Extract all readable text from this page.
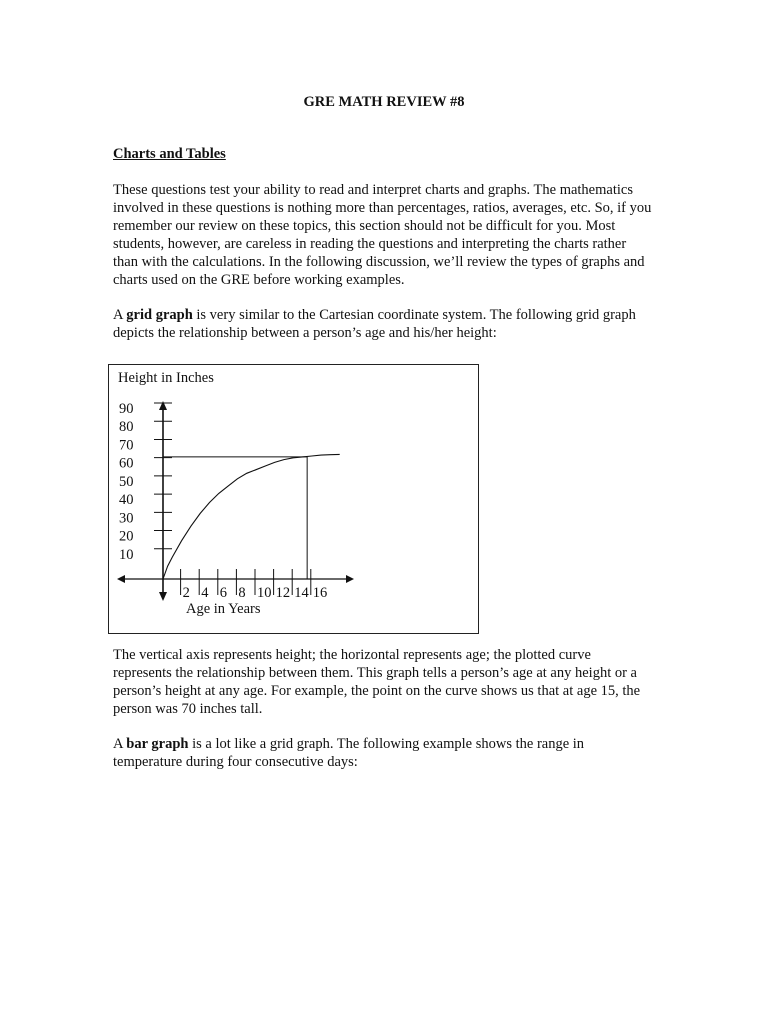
GRE MATH REVIEW #8
Charts and Tables

These questions test your ability to read and interpret charts and graphs. The mathematics involved in these questions is nothing more than percentages, ratios, averages, etc. So, if you remember our review on these topics, this section should not be difficult for you. Most students, however, are careless in reading the questions and interpreting the charts rather than with the calculations. In the following discussion, we’ll review the types of graphs and charts used on the GRE before working examples.

A grid graph is very similar to the Cartesian coordinate system. The following grid graph depicts the relationship between a person’s age and his/her height:

90
80
70
60
50
40
30
20
10
2 4 6 8 10 12 14 16
Height in Inches
Age in Years

The vertical axis represents height; the horizontal represents age; the plotted curve represents the relationship between them. This graph tells a person’s age at any height or a person’s height at any age. For example, the point on the curve shows us that at age 15, the person was 70 inches tall.

A bar graph is a lot like a grid graph. The following example shows the range in temperature during four consecutive days:
